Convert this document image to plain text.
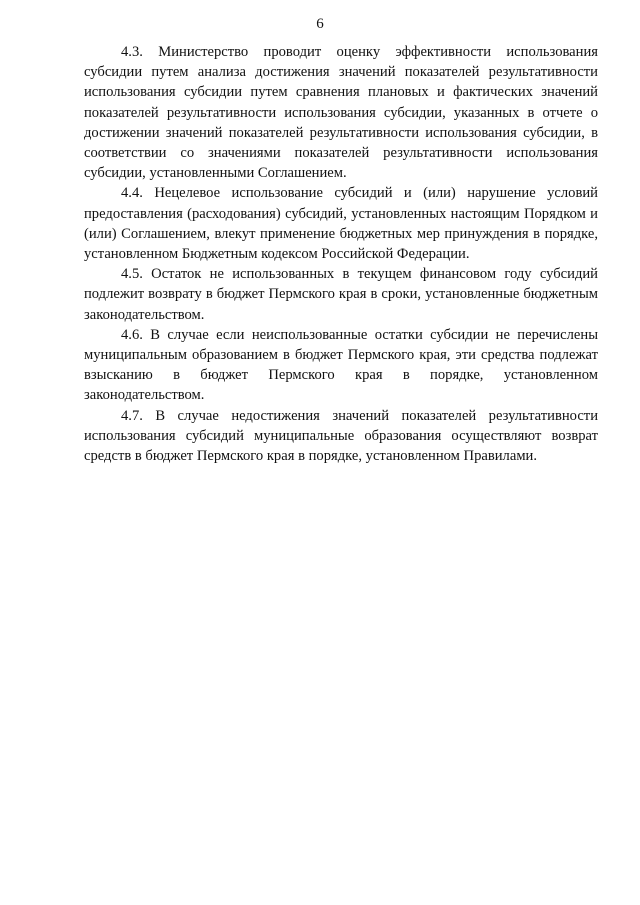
6

4.3. Министерство проводит оценку эффективности использования субсидии путем анализа достижения значений показателей результативности использования субсидии путем сравнения плановых и фактических значений показателей результативности использования субсидии, указанных в отчете о достижении значений показателей результативности использования субсидии, в соответствии со значениями показателей результативности использования субсидии, установленными Соглашением.

4.4. Нецелевое использование субсидий и (или) нарушение условий предоставления (расходования) субсидий, установленных настоящим Порядком и (или) Соглашением, влекут применение бюджетных мер принуждения в порядке, установленном Бюджетным кодексом Российской Федерации.

4.5. Остаток не использованных в текущем финансовом году субсидий подлежит возврату в бюджет Пермского края в сроки, установленные бюджетным законодательством.

4.6. В случае если неиспользованные остатки субсидии не перечислены муниципальным образованием в бюджет Пермского края, эти средства подлежат взысканию в бюджет Пермского края в порядке, установленном законодательством.

4.7. В случае недостижения значений показателей результативности использования субсидий муниципальные образования осуществляют возврат средств в бюджет Пермского края в порядке, установленном Правилами.
